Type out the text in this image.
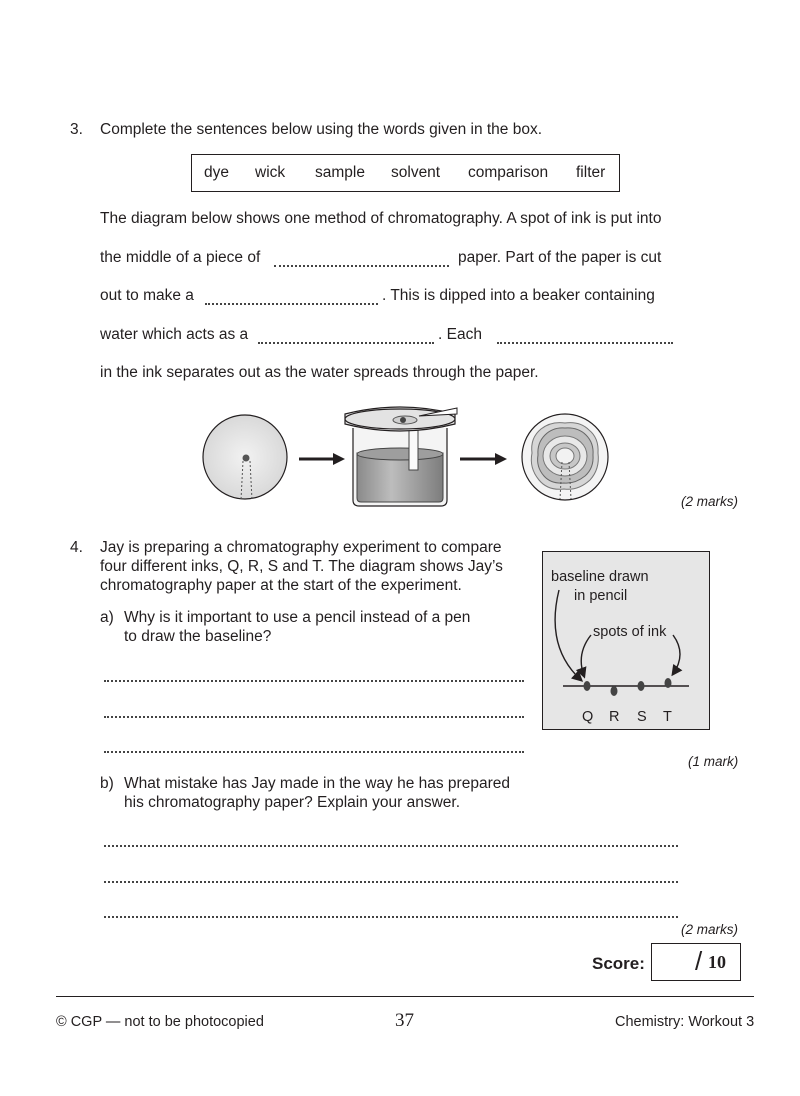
3. Complete the sentences below using the words given in the box.
dye wick sample solvent comparison filter
The diagram below shows one method of chromatography. A spot of ink is put into
the middle of a piece of	paper. Part of the paper is cut
out to make a	. This is dipped into a beaker containing
water which acts as a	. Each
in the ink separates out as the water spreads through the paper.
(2 marks)
4. Jay is preparing a chromatography experiment to compare
four different inks, Q, R, S and T. The diagram shows Jay’s
chromatography paper at the start of the experiment.
a) Why is it important to use a pencil instead of a pen
to draw the baseline?
baseline drawn
in pencil
spots of ink
Q R S T
(1 mark)
b) What mistake has Jay made in the way he has prepared
his chromatography paper? Explain your answer.
(2 marks)
Score: / 10
© CGP — not to be photocopied	37	Chemistry: Workout 3
